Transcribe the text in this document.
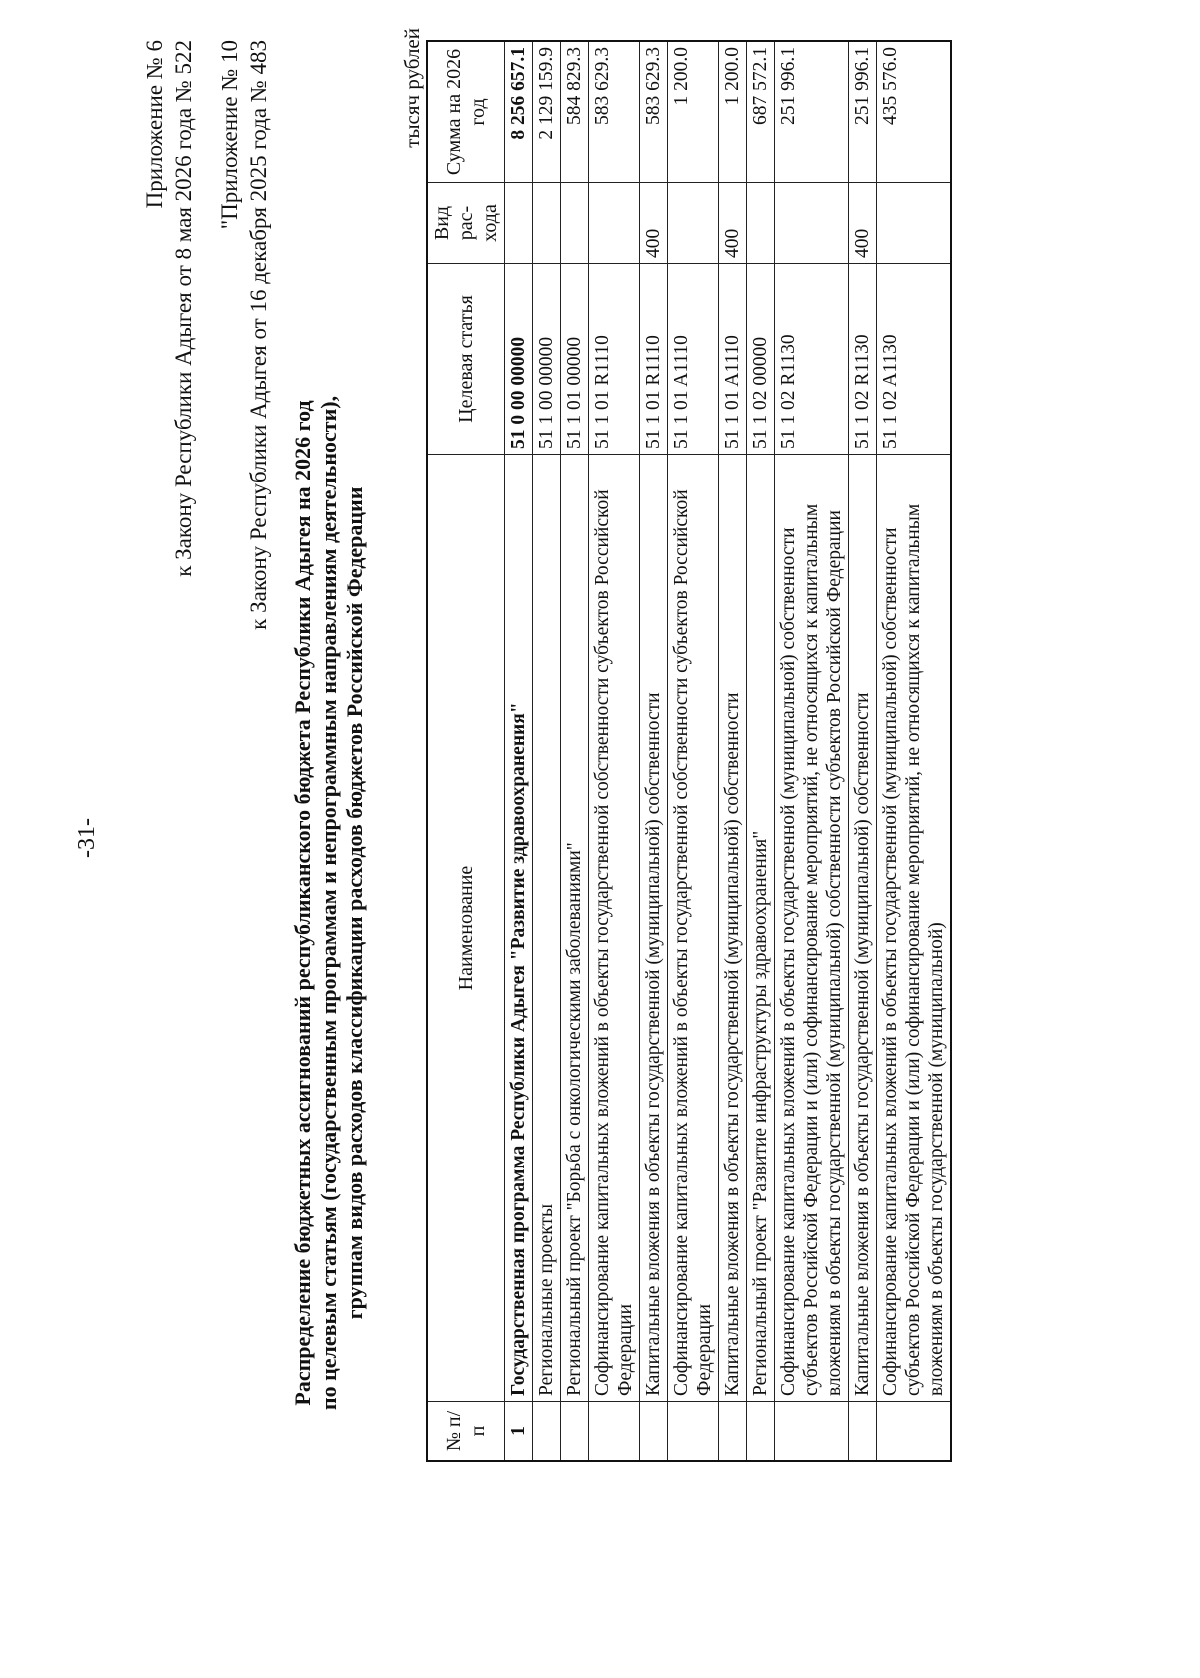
-31-
Приложение № 6 к Закону Республики Адыгея от 8 мая 2026 года № 522 "Приложение № 10 к Закону Республики Адыгея от 16 декабря 2025 года № 483
Распределение бюджетных ассигнований республиканского бюджета Республики Адыгея на 2026 год по целевым статьям (государственным программам и непрограммным направлениям деятельности), группам видов расходов классификации расходов бюджетов Российской Федерации
тысяч рублей
№ п/п	Наименование	Целевая статья	Вид рас-хода	Сумма на 2026 год
1	Государственная программа Республики Адыгея "Развитие здравоохранения"	51 0 00 00000		8 256 657.1
	Региональные проекты	51 1 00 00000		2 129 159.9
	Региональный проект "Борьба с онкологическими заболеваниями"	51 1 01 00000		584 829.3
	Софинансирование капитальных вложений в объекты государственной собственности субъектов Российской Федерации	51 1 01 R1110		583 629.3
	Капитальные вложения в объекты государственной (муниципальной) собственности	51 1 01 R1110	400	583 629.3
	Софинансирование капитальных вложений в объекты государственной собственности субъектов Российской Федерации	51 1 01 A1110		1 200.0
	Капитальные вложения в объекты государственной (муниципальной) собственности	51 1 01 A1110	400	1 200.0
	Региональный проект "Развитие инфраструктуры здравоохранения"	51 1 02 00000		687 572.1
	Софинансирование капитальных вложений в объекты государственной (муниципальной) собственности субъектов Российской Федерации и (или) софинансирование мероприятий, не относящихся к капитальным вложениям в объекты государственной (муниципальной) собственности субъектов Российской Федерации	51 1 02 R1130		251 996.1
	Капитальные вложения в объекты государственной (муниципальной) собственности	51 1 02 R1130	400	251 996.1
	Софинансирование капитальных вложений в объекты государственной (муниципальной) собственности субъектов Российской Федерации и (или) софинансирование мероприятий, не относящихся к капитальным вложениям в объекты государственной (муниципальной)	51 1 02 A1130		435 576.0
